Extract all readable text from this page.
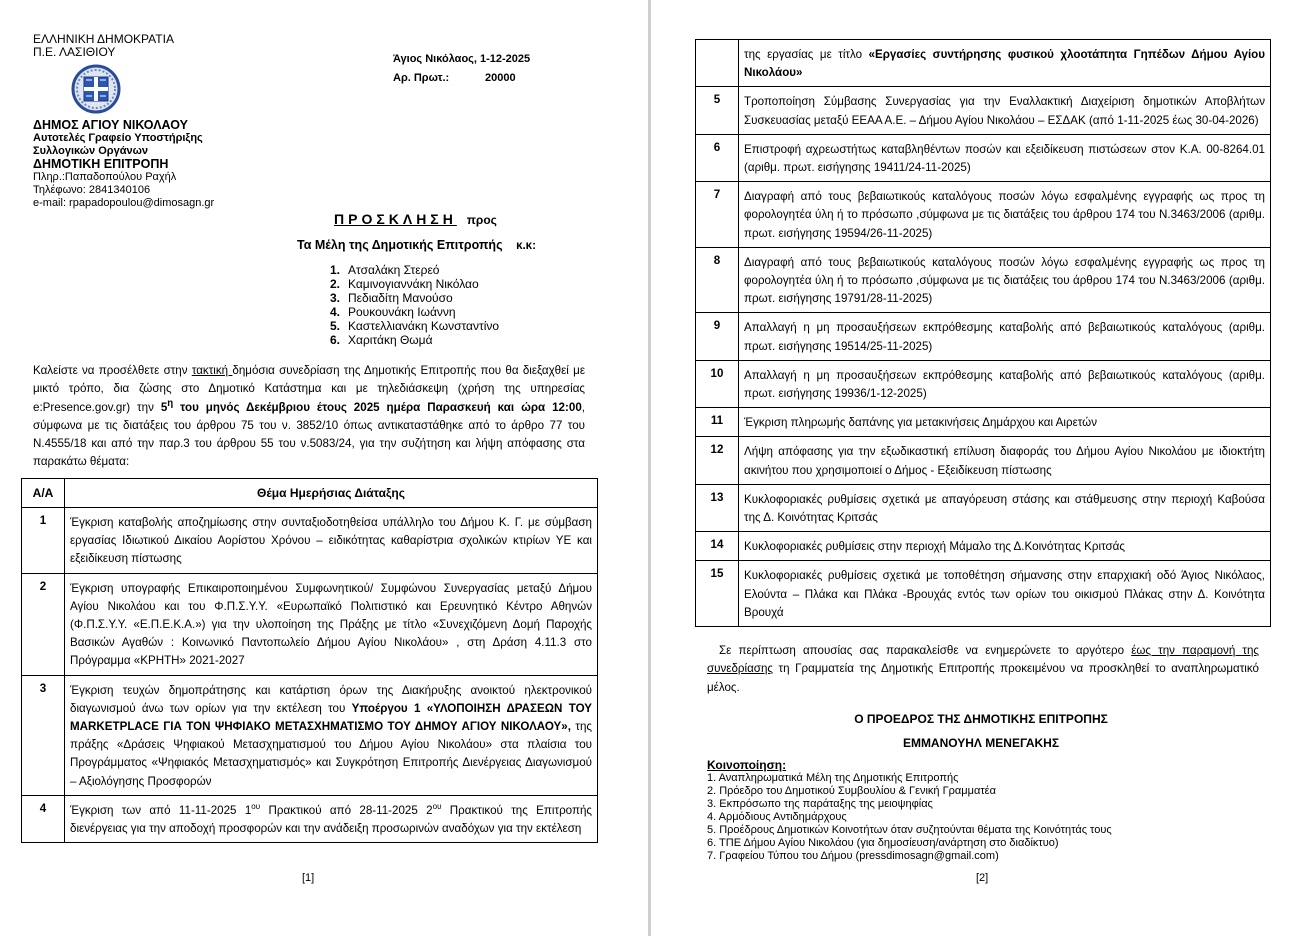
ΕΛΛΗΝΙΚΗ ΔΗΜΟΚΡΑΤΙΑ
Π.Ε. ΛΑΣΙΘΙΟΥ
ΔΗΜΟΣ ΑΓΙΟΥ ΝΙΚΟΛΑΟΥ
Αυτοτελές Γραφείο Υποστήριξης
Συλλογικών Οργάνων
ΔΗΜΟΤΙΚΗ ΕΠΙΤΡΟΠΗ
Πληρ.:Παπαδοπούλου Ραχήλ
Τηλέφωνο: 2841340106
e-mail: rpapadopoulou@dimosagn.gr
Άγιος Νικόλαος,
1-12-2025
Αρ. Πρωτ.:	20000
ΠΡΟΣΚΛΗΣΗ προς
Τα Μέλη της Δημοτικής Επιτροπής κ.κ:
1. Ατσαλάκη Στερεό
2. Καμινογιαννάκη Νικόλαο
3. Πεδιαδίτη Μανούσο
4. Ρουκουνάκη Ιωάννη
5. Καστελλιανάκη Κωνσταντίνο
6. Χαριτάκη Θωμά
Καλείστε να προσέλθετε στην τακτική δημόσια συνεδρίαση της Δημοτικής Επιτροπής που θα διεξαχθεί με μικτό τρόπο, δια ζώσης στο Δημοτικό Κατάστημα και με τηλεδιάσκεψη (χρήση της υπηρεσίας e:Presence.gov.gr) την $5^\eta$ του μηνός Δεκέμβριου έτους 2025 ημέρα Παρασκευή και ώρα 12:00, σύμφωνα με τις διατάξεις του άρθρου 75 του ν. 3852/10 όπως αντικαταστάθηκε από το άρθρο 77 του Ν.4555/18 και από την παρ.3 του άρθρου 55 του ν.5083/24, για την συζήτηση και λήψη απόφασης στα παρακάτω θέματα:
Α/Α	Θέμα Ημερήσιας Διάταξης
1	Έγκριση καταβολής αποζημίωσης στην συνταξιοδοτηθείσα υπάλληλο του Δήμου Κ. Γ. με σύμβαση εργασίας Ιδιωτικού Δικαίου Αορίστου Χρόνου – ειδικότητας καθαρίστρια σχολικών κτιρίων ΥΕ και εξειδίκευση πίστωσης
2	Έγκριση υπογραφής Επικαιροποιημένου Συμφωνητικού/ Συμφώνου Συνεργασίας μεταξύ Δήμου Αγίου Νικολάου και του Φ.Π.Σ.Υ.Υ. «Ευρωπαϊκό Πολιτιστικό και Ερευνητικό Κέντρο Αθηνών (Φ.Π.Σ.Υ.Υ. «Ε.Π.Ε.Κ.Α.») για την υλοποίηση της Πράξης με τίτλο «Συνεχιζόμενη Δομή Παροχής Βασικών Αγαθών : Κοινωνικό Παντοπωλείο Δήμου Αγίου Νικολάου» , στη Δράση 4.11.3 στο Πρόγραμμα «ΚΡΗΤΗ» 2021-2027
3	Έγκριση τευχών δημοπράτησης και κατάρτιση όρων της Διακήρυξης ανοικτού ηλεκτρονικού διαγωνισμού άνω των ορίων για την εκτέλεση του Υποέργου 1 «ΥΛΟΠΟΙΗΣΗ ΔΡΑΣΕΩΝ ΤΟΥ MARKETPLACE ΓΙΑ ΤΟΝ ΨΗΦΙΑΚΟ ΜΕΤΑΣΧΗΜΑΤΙΣΜΟ ΤΟΥ ΔΗΜΟΥ ΑΓΙΟΥ ΝΙΚΟΛΑΟΥ», της πράξης «Δράσεις Ψηφιακού Μετασχηματισμού του Δήμου Αγίου Νικολάου» στα πλαίσια του Προγράμματος «Ψηφιακός Μετασχηματισμός» και Συγκρότηση Επιτροπής Διενέργειας Διαγωνισμού – Αξιολόγησης Προσφορών
4	Έγκριση των από 11-11-2025 $1^{o\upsilon}$ Πρακτικού από 28-11-2025 $2^{o\upsilon}$ Πρακτικού της Επιτροπής διενέργειας για την αποδοχή προσφορών και την ανάδειξη προσωρινών αναδόχων για την εκτέλεση
[1]
	της εργασίας με τίτλο «Εργασίες συντήρησης φυσικού χλοοτάπητα Γηπέδων Δήμου Αγίου Νικολάου»
5	Τροποποίηση Σύμβασης Συνεργασίας για την Εναλλακτική Διαχείριση δημοτικών Αποβλήτων Συσκευασίας μεταξύ ΕΕΑΑ Α.Ε. – Δήμου Αγίου Νικολάου – ΕΣΔΑΚ (από 1-11-2025 έως 30-04-2026)
6	Επιστροφή αχρεωστήτως καταβληθέντων ποσών και εξειδίκευση πιστώσεων στον Κ.Α. 00-8264.01 (αριθμ. πρωτ. εισήγησης 19411/24-11-2025)
7	Διαγραφή από τους βεβαιωτικούς καταλόγους ποσών λόγω εσφαλμένης εγγραφής ως προς τη φορολογητέα ύλη ή το πρόσωπο ,σύμφωνα με τις διατάξεις του άρθρου 174 του Ν.3463/2006 (αριθμ. πρωτ. εισήγησης 19594/26-11-2025)
8	Διαγραφή από τους βεβαιωτικούς καταλόγους ποσών λόγω εσφαλμένης εγγραφής ως προς τη φορολογητέα ύλη ή το πρόσωπο ,σύμφωνα με τις διατάξεις του άρθρου 174 του Ν.3463/2006 (αριθμ. πρωτ. εισήγησης 19791/28-11-2025)
9	Απαλλαγή η μη προσαυξήσεων εκπρόθεσμης καταβολής από βεβαιωτικούς καταλόγους (αριθμ. πρωτ. εισήγησης 19514/25-11-2025)
10	Απαλλαγή η μη προσαυξήσεων εκπρόθεσμης καταβολής από βεβαιωτικούς καταλόγους (αριθμ. πρωτ. εισήγησης 19936/1-12-2025)
11	Έγκριση πληρωμής δαπάνης για μετακινήσεις Δημάρχου και Αιρετών
12	Λήψη απόφασης για την εξωδικαστική επίλυση διαφοράς του Δήμου Αγίου Νικολάου με ιδιοκτήτη ακινήτου που χρησιμοποιεί ο Δήμος - Εξειδίκευση πίστωσης
13	Κυκλοφοριακές ρυθμίσεις σχετικά με απαγόρευση στάσης και στάθμευσης στην περιοχή Καβούσα της Δ. Κοινότητας Κριτσάς
14	Κυκλοφοριακές ρυθμίσεις στην περιοχή Μάμαλο της Δ.Κοινότητας Κριτσάς
15	Κυκλοφοριακές ρυθμίσεις σχετικά με τοποθέτηση σήμανσης στην επαρχιακή οδό Άγιος Νικόλαος, Ελούντα – Πλάκα και Πλάκα -Βρουχάς εντός των ορίων του οικισμού Πλάκας στην Δ. Κοινότητα Βρουχά
Σε περίπτωση απουσίας σας παρακαλείσθε να ενημερώνετε το αργότερο έως την παραμονή της συνεδρίασης τη Γραμματεία της Δημοτικής Επιτροπής προκειμένου να προσκληθεί το αναπληρωματικό μέλος.
Ο ΠΡΟΕΔΡΟΣ ΤΗΣ ΔΗΜΟΤΙΚΗΣ ΕΠΙΤΡΟΠΗΣ
ΕΜΜΑΝΟΥΗΛ ΜΕΝΕΓΑΚΗΣ
Κοινοποίηση:
1. Αναπληρωματικά Μέλη της Δημοτικής Επιτροπής
2. Πρόεδρο του Δημοτικού Συμβουλίου & Γενική Γραμματέα
3. Εκπρόσωπο της παράταξης της μειοψηφίας
4. Αρμόδιους Αντιδημάρχους
5. Προέδρους Δημοτικών Κοινοτήτων όταν συζητούνται θέματα της Κοινότητάς τους
6. ΤΠΕ Δήμου Αγίου Νικολάου (για δημοσίευση/ανάρτηση στο διαδίκτυο)
7. Γραφείου Τύπου του Δήμου (pressdimosagn@gmail.com)
[2]
